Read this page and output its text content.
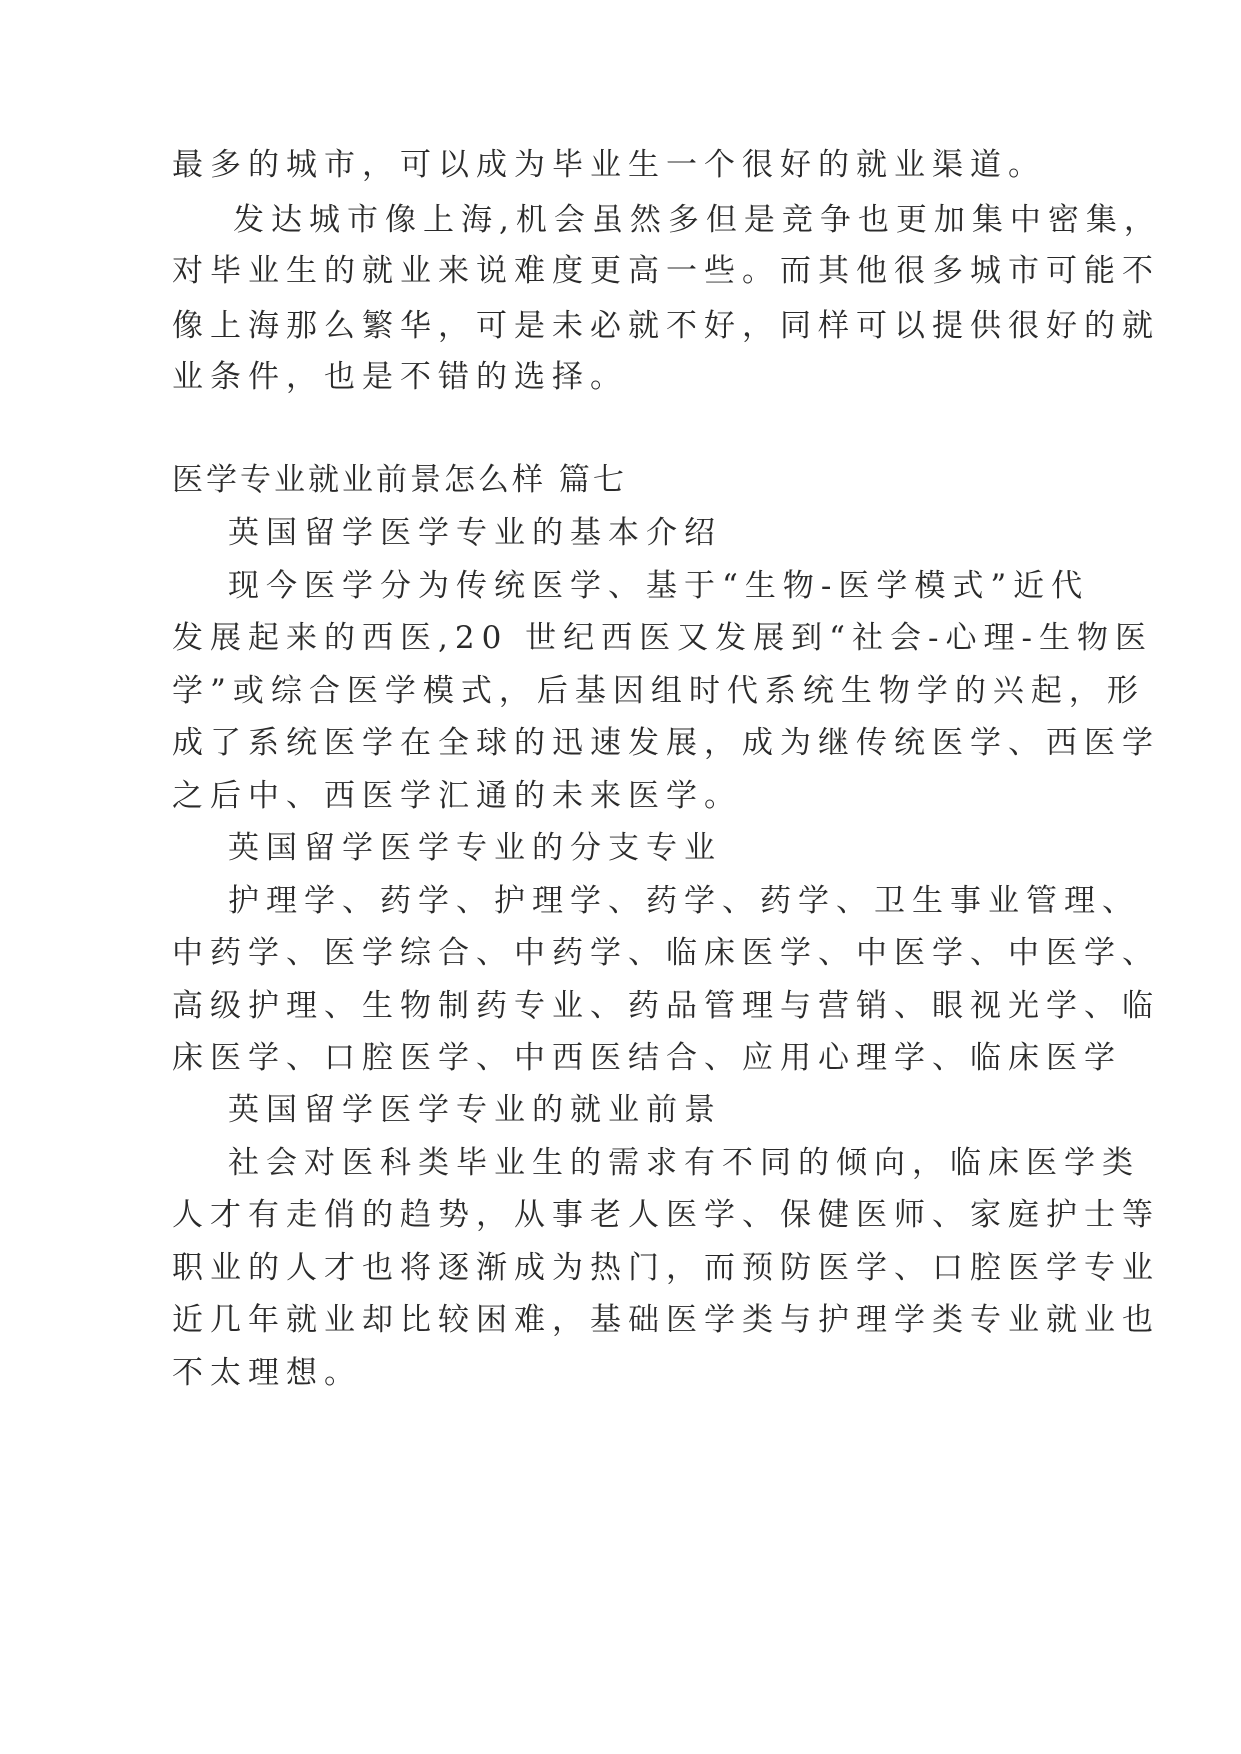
最多的城市，可以成为毕业生一个很好的就业渠道。
发达城市像上海,机会虽然多但是竞争也更加集中密集，
对毕业生的就业来说难度更高一些。而其他很多城市可能不
像上海那么繁华，可是未必就不好，同样可以提供很好的就
业条件，也是不错的选择。
医学专业就业前景怎么样 篇七
英国留学医学专业的基本介绍
现今医学分为传统医学、基于“生物-医学模式”近代
发展起来的西医,20 世纪西医又发展到“社会-心理-生物医
学”或综合医学模式，后基因组时代系统生物学的兴起，形
成了系统医学在全球的迅速发展，成为继传统医学、西医学
之后中、西医学汇通的未来医学。
英国留学医学专业的分支专业
护理学、药学、护理学、药学、药学、卫生事业管理、
中药学、医学综合、中药学、临床医学、中医学、中医学、
高级护理、生物制药专业、药品管理与营销、眼视光学、临
床医学、口腔医学、中西医结合、应用心理学、临床医学
英国留学医学专业的就业前景
社会对医科类毕业生的需求有不同的倾向，临床医学类
人才有走俏的趋势，从事老人医学、保健医师、家庭护士等
职业的人才也将逐渐成为热门，而预防医学、口腔医学专业
近几年就业却比较困难，基础医学类与护理学类专业就业也
不太理想。
